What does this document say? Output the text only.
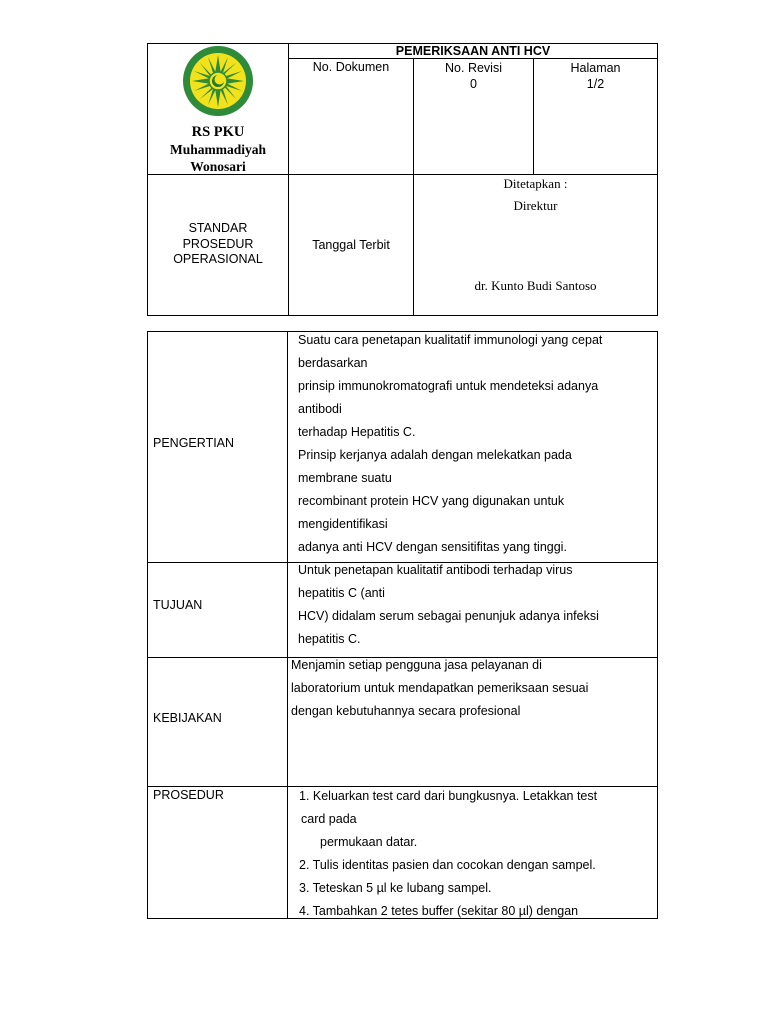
RS PKU
Muhammadiyah
Wonosari
PEMERIKSAAN ANTI HCV
No. Dokumen	No. Revisi
0
Halaman
1/2
STANDAR
PROSEDUR
OPERASIONAL
Tanggal Terbit
Ditetapkan :
Direktur
dr. Kunto Budi Santoso
PENGERTIAN
Suatu cara penetapan kualitatif immunologi yang cepat
berdasarkan
prinsip immunokromatografi untuk mendeteksi adanya
antibodi
terhadap Hepatitis C.
Prinsip kerjanya adalah dengan melekatkan pada
membrane suatu
recombinant protein HCV yang digunakan untuk
mengidentifikasi
adanya anti HCV dengan sensitifitas yang tinggi.
TUJUAN
Untuk penetapan kualitatif antibodi terhadap virus
hepatitis C (anti
HCV) didalam serum sebagai penunjuk adanya infeksi
hepatitis C.
KEBIJAKAN
Menjamin setiap pengguna jasa pelayanan di
laboratorium untuk mendapatkan pemeriksaan sesuai
dengan kebutuhannya secara profesional
PROSEDUR	1. Keluarkan test card dari bungkusnya. Letakkan test
card pada
permukaan datar.
2. Tulis identitas pasien dan cocokan dengan sampel.
3. Teteskan 5 µl ke lubang sampel.
4. Tambahkan 2 tetes buffer (sekitar 80 µl) dengan
